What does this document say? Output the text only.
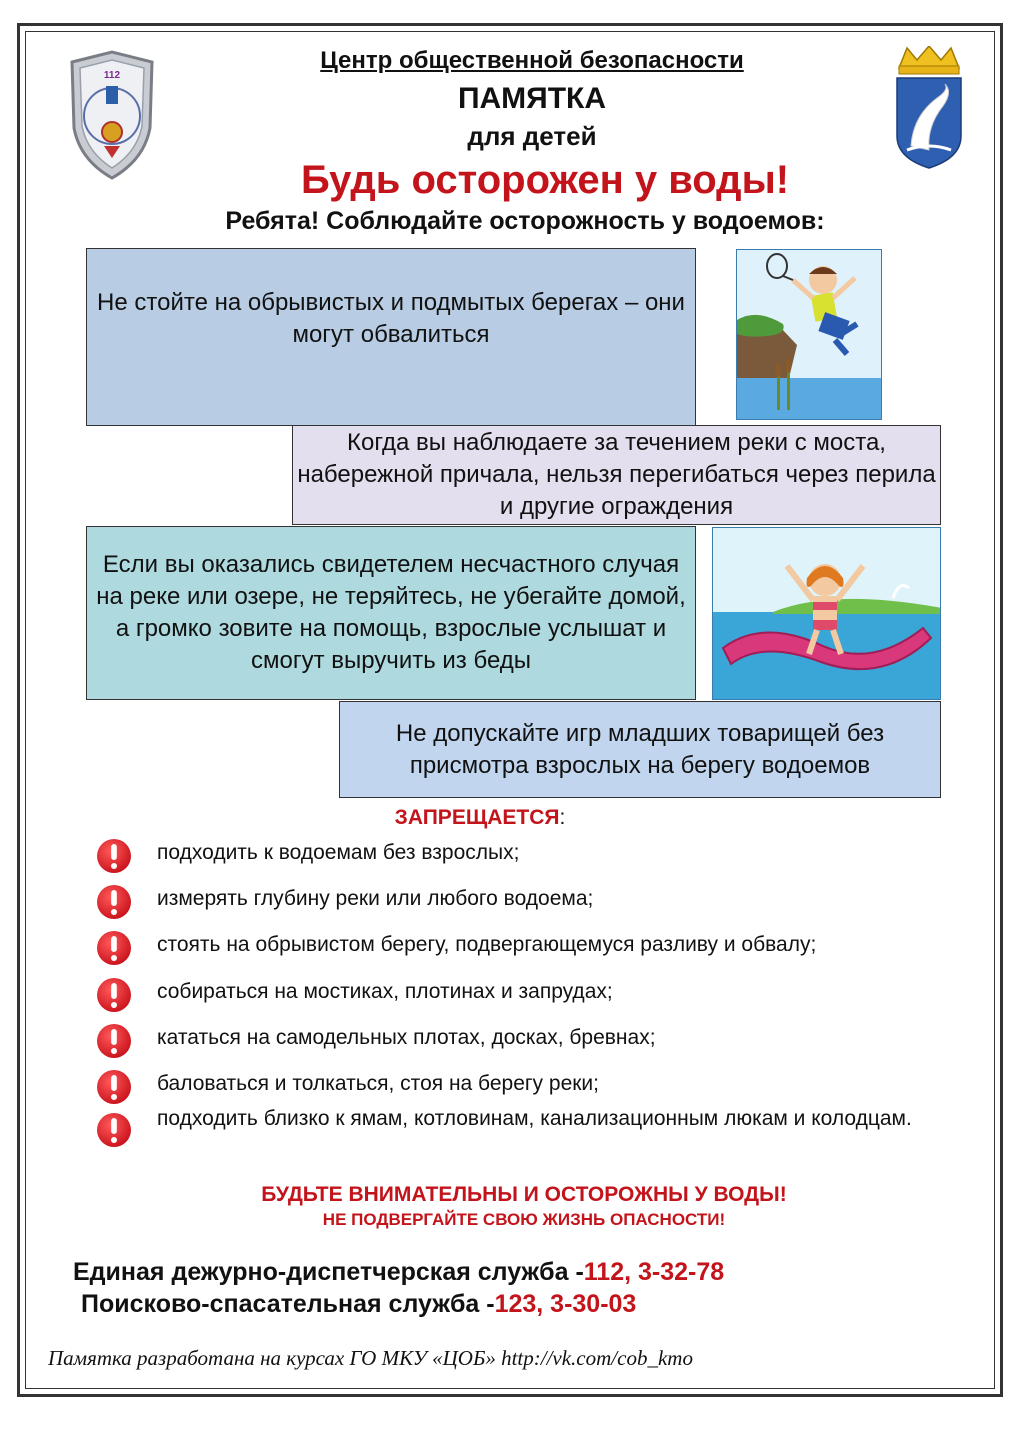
112
Центр общественной безопасности
ПАМЯТКА
для детей
Будь осторожен у воды!
Ребята! Соблюдайте осторожность у водоемов:
Не стойте на обрывистых и подмытых берегах – они могут обвалиться
Когда вы наблюдаете за течением реки с моста, набережной причала, нельзя перегибаться через перила и другие ограждения
Если вы оказались свидетелем несчастного случая на реке или озере, не теряйтесь, не убегайте домой, а громко зовите на помощь, взрослые услышат и смогут выручить из беды
Не допускайте игр младших товарищей без присмотра взрослых на берегу водоемов
ЗАПРЕЩАЕТСЯ:
подходить к водоемам без взрослых;
измерять глубину реки или любого водоема;
стоять на обрывистом берегу, подвергающемуся разливу и обвалу;
собираться на мостиках, плотинах и запрудах;
кататься на самодельных плотах, досках, бревнах;
баловаться и толкаться, стоя на берегу реки;
подходить близко к ямам, котловинам, канализационным люкам и колодцам.
БУДЬТЕ ВНИМАТЕЛЬНЫ И ОСТОРОЖНЫ У ВОДЫ!
НЕ ПОДВЕРГАЙТЕ СВОЮ ЖИЗНЬ ОПАСНОСТИ!
Единая дежурно-диспетчерская служба -112, 3-32-78
Поисково-спасательная служба -123, 3-30-03
Памятка разработана на курсах ГО МКУ «ЦОБ» http://vk.com/cob_kmo
